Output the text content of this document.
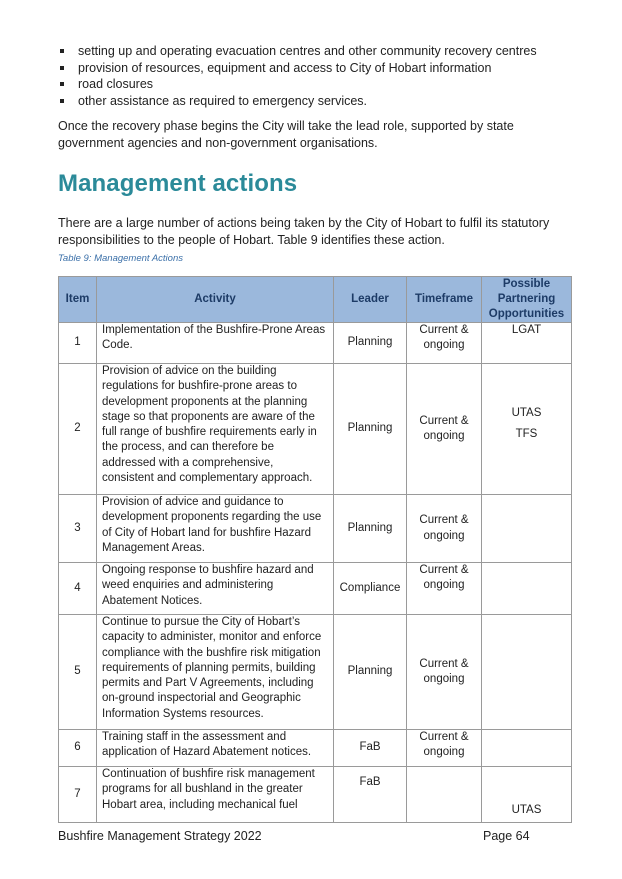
setting up and operating evacuation centres and other community recovery centres
provision of resources, equipment and access to City of Hobart information
road closures
other assistance as required to emergency services.

Once the recovery phase begins the City will take the lead role, supported by state government agencies and non-government organisations.

Management actions

There are a large number of actions being taken by the City of Hobart to fulfil its statutory responsibilities to the people of Hobart. Table 9 identifies these action.

Table 9: Management Actions

Item	Activity	Leader	Timeframe	Possible Partnering Opportunities
1	Implementation of the Bushfire-Prone Areas Code.	Planning	Current & ongoing	LGAT

2	Provision of advice on the building regulations for bushfire-prone areas to development proponents at the planning stage so that proponents are aware of the full range of bushfire requirements early in the process, and can therefore be addressed with a comprehensive, consistent and complementary approach.	Planning	Current & ongoing	UTAS
TFS

3	Provision of advice and guidance to development proponents regarding the use of City of Hobart land for bushfire Hazard Management Areas.	Planning	Current & ongoing	
4	Ongoing response to bushfire hazard and weed enquiries and administering Abatement Notices.	Compliance	Current & ongoing	
5	Continue to pursue the City of Hobart’s capacity to administer, monitor and enforce compliance with the bushfire risk mitigation requirements of planning permits, building permits and Part V Agreements, including on-ground inspectorial and Geographic Information Systems resources.	Planning	Current & ongoing	
6	Training staff in the assessment and application of Hazard Abatement notices.	FaB	Current & ongoing	
7	Continuation of bushfire risk management programs for all bushland in the greater Hobart area, including mechanical fuel	FaB		UTAS
Bushfire Management Strategy 2022	Page 64
